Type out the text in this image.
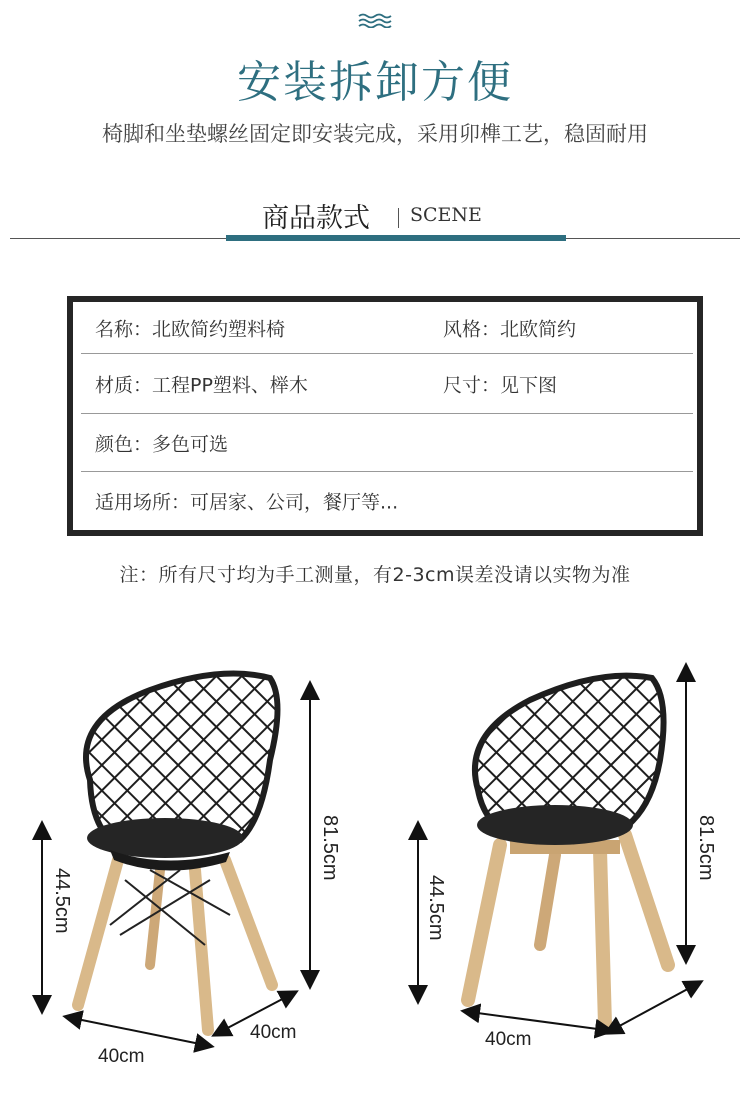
安装拆卸方便
椅脚和坐垫螺丝固定即安装完成，采用卯榫工艺，稳固耐用
商品款式 SCENE
名称：北欧简约塑料椅	风格：北欧简约
材质：工程PP塑料、榉木	尺寸：见下图
颜色：多色可选
适用场所：可居家、公司，餐厅等...
注：所有尺寸均为手工测量，有2-3cm误差没请以实物为准
81.5cm
44.5cm
40cm
40cm
81.5cm
44.5cm
40cm
